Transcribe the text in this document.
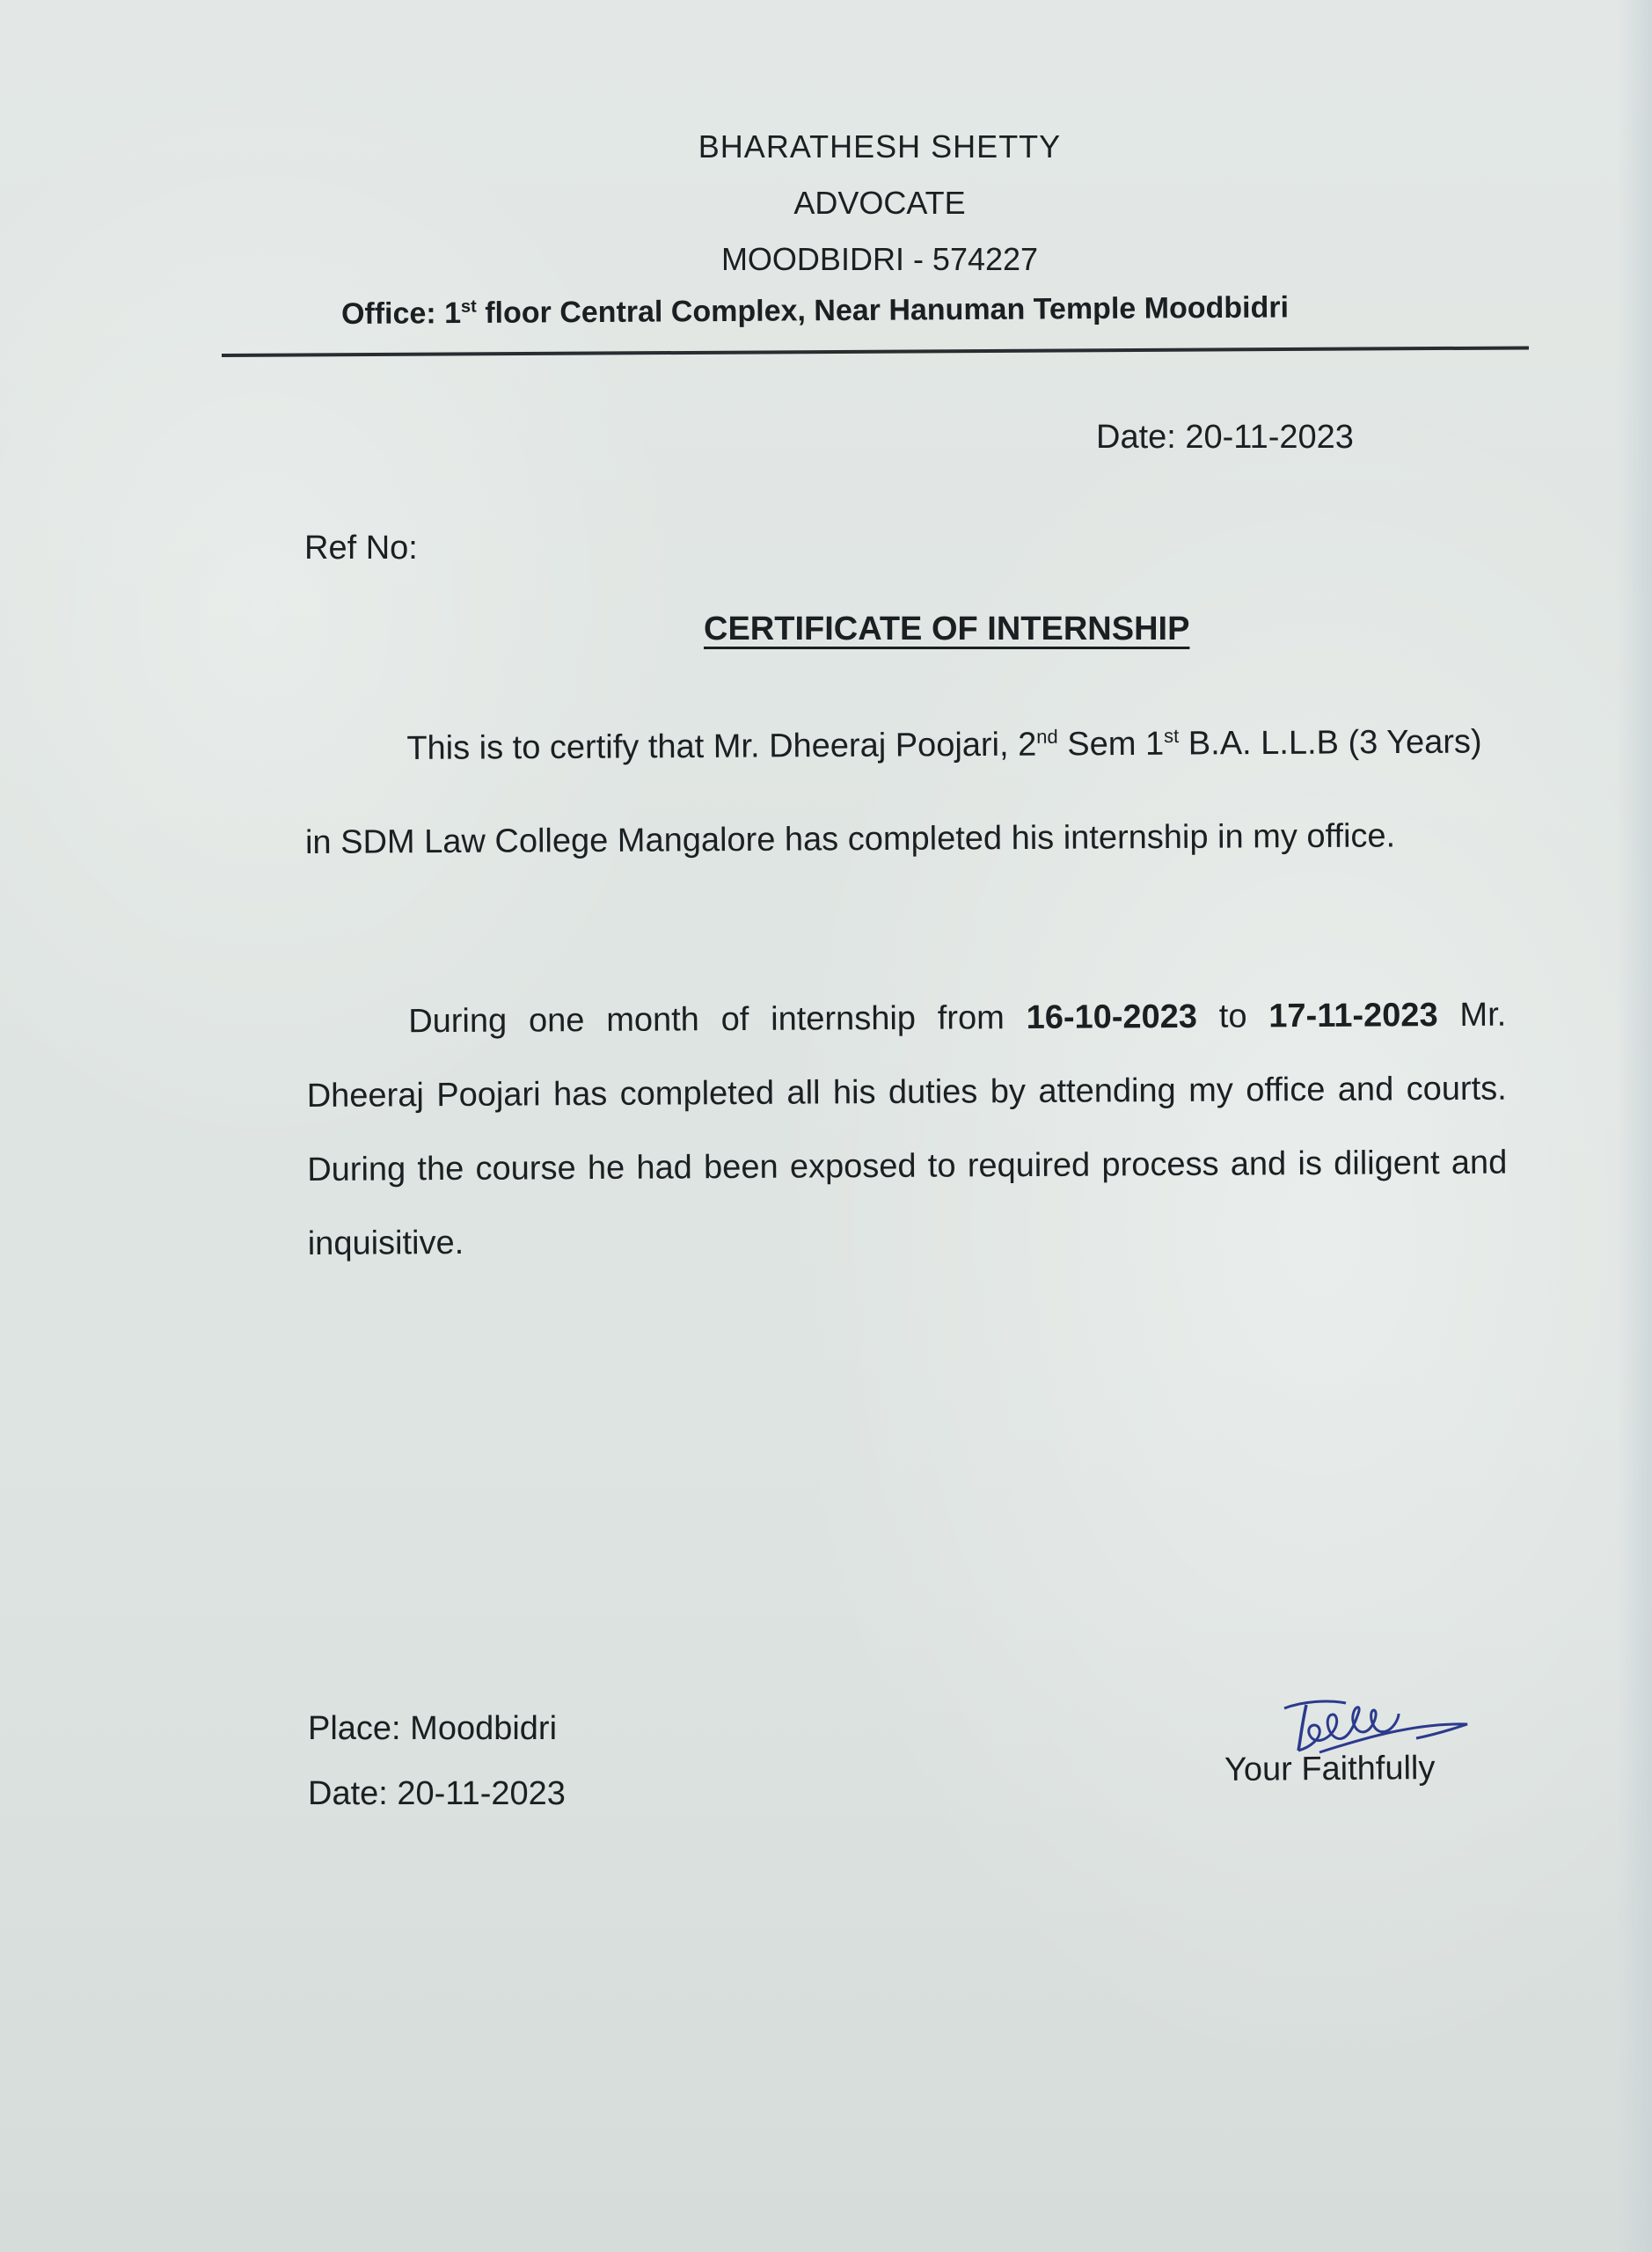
BHARATHESH SHETTY
ADVOCATE
MOODBIDRI - 574227
Office: 1st floor Central Complex, Near Hanuman Temple Moodbidri
Date: 20-11-2023
Ref No:
CERTIFICATE OF INTERNSHIP
This is to certify that Mr. Dheeraj Poojari, 2nd Sem 1st B.A. L.L.B (3 Years) in SDM Law College Mangalore has completed his internship in my office.
During one month of internship from 16-10-2023 to 17-11-2023 Mr. Dheeraj Poojari has completed all his duties by attending my office and courts. During the course he had been exposed to required process and is diligent and inquisitive.
Place: Moodbidri
Date: 20-11-2023
Your Faithfully
